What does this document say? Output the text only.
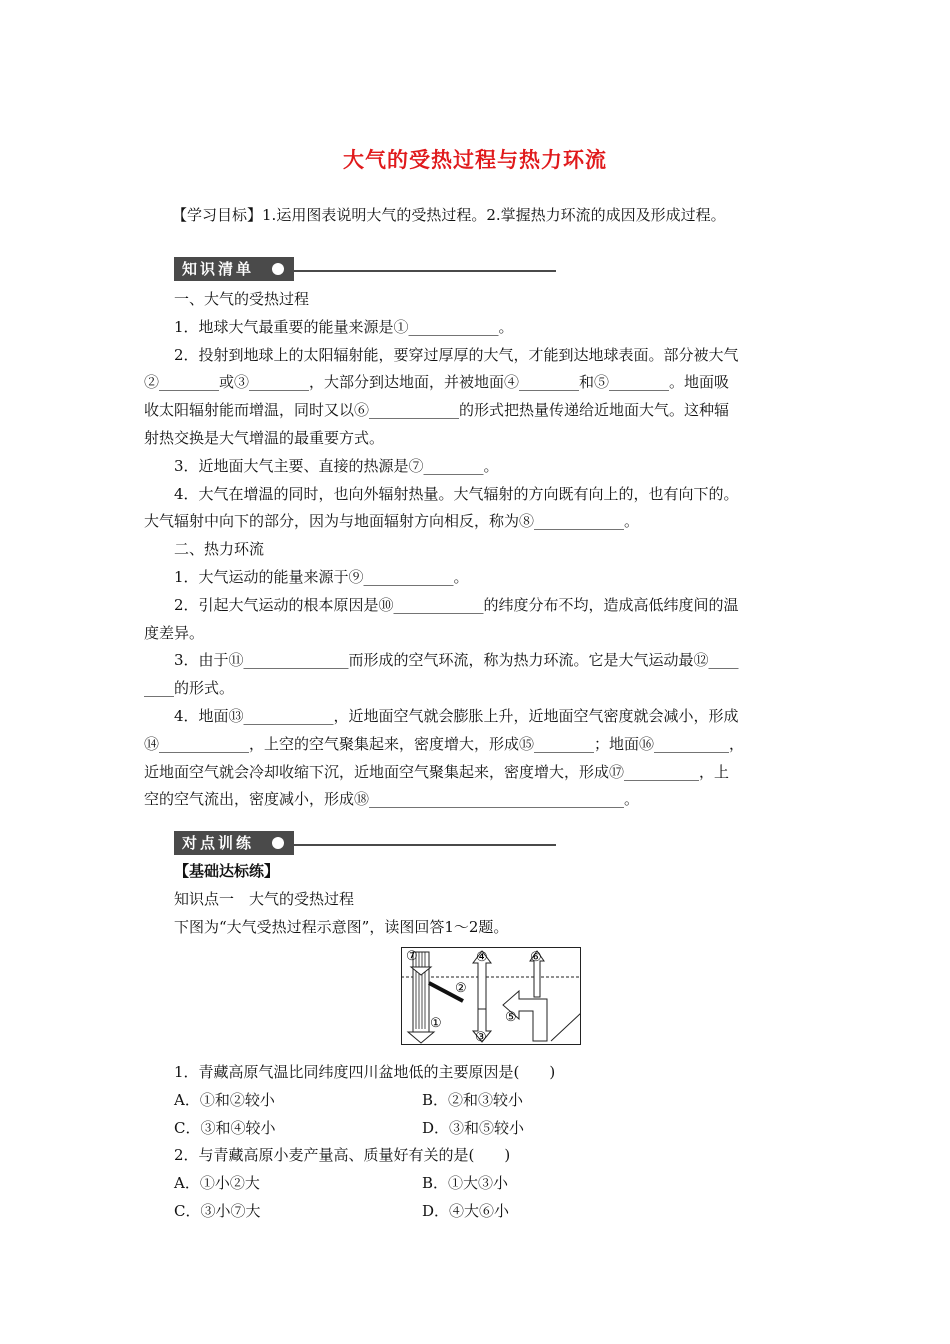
大气的受热过程与热力环流
【学习目标】1.运用图表说明大气的受热过程。2.掌握热力环流的成因及形成过程。
知识清单

一、大气的受热过程

1．地球大气最重要的能量来源是①____________。

2．投射到地球上的太阳辐射能，要穿过厚厚的大气，才能到达地球表面。部分被大气

②________或③________，大部分到达地面，并被地面④________和⑤________。地面吸

收太阳辐射能而增温，同时又以⑥____________的形式把热量传递给近地面大气。这种辐

射热交换是大气增温的最重要方式。

3．近地面大气主要、直接的热源是⑦________。

4．大气在增温的同时，也向外辐射热量。大气辐射的方向既有向上的，也有向下的。

大气辐射中向下的部分，因为与地面辐射方向相反，称为⑧____________。

二、热力环流

1．大气运动的能量来源于⑨____________。

2．引起大气运动的根本原因是⑩____________的纬度分布不均，造成高低纬度间的温

度差异。

3．由于⑪______________而形成的空气环流，称为热力环流。它是大气运动最⑫____

____的形式。

4．地面⑬____________，近地面空气就会膨胀上升，近地面空气密度就会减小，形成

⑭____________，上空的空气聚集起来，密度增大，形成⑮________；地面⑯__________，

近地面空气就会冷却收缩下沉，近地面空气聚集起来，密度增大，形成⑰__________，上

空的空气流出，密度减小，形成⑱__________________________________。

对点训练

【基础达标练】

知识点一　大气的受热过程

下图为“大气受热过程示意图”，读图回答1～2题。

⑦	④	⑥
②
⑤
①
③

1．青藏高原气温比同纬度四川盆地低的主要原因是(　　)

A．①和②较小	B．②和③较小

C．③和④较小	D．③和⑤较小

2．与青藏高原小麦产量高、质量好有关的是(　　)

A．①小②大	B．①大③小

C．③小⑦大	D．④大⑥小
